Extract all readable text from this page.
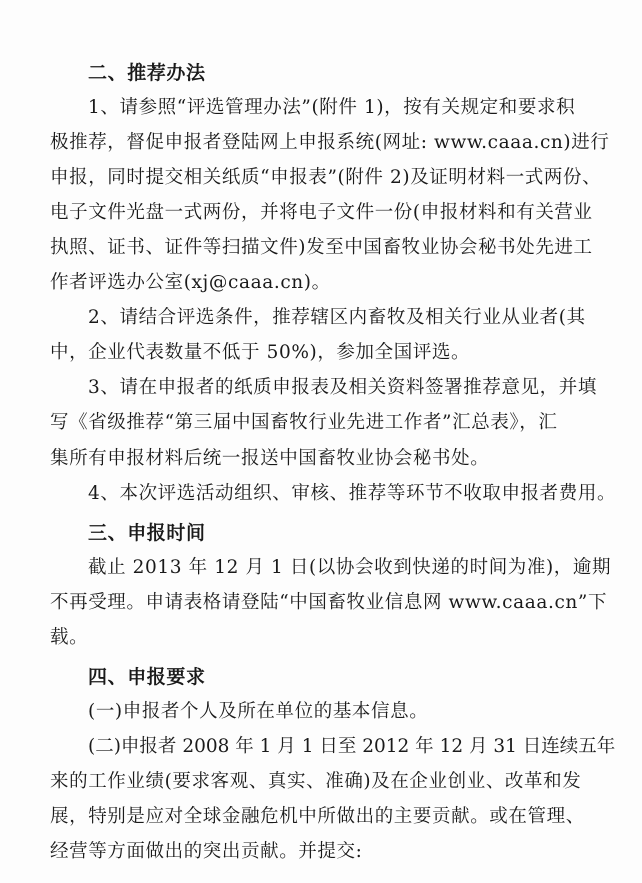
二、推荐办法
1、请参照“评选管理办法”(附件 1)，按有关规定和要求积
极推荐，督促申报者登陆网上申报系统(网址: www.caaa.cn)进行
申报，同时提交相关纸质“申报表”(附件 2)及证明材料一式两份、
电子文件光盘一式两份，并将电子文件一份(申报材料和有关营业
执照、证书、证件等扫描文件)发至中国畜牧业协会秘书处先进工
作者评选办公室(xj@caaa.cn)。
2、请结合评选条件，推荐辖区内畜牧及相关行业从业者(其
中，企业代表数量不低于 50%)，参加全国评选。
3、请在申报者的纸质申报表及相关资料签署推荐意见，并填
写《省级推荐“第三届中国畜牧行业先进工作者”汇总表》，汇
集所有申报材料后统一报送中国畜牧业协会秘书处。
4、本次评选活动组织、审核、推荐等环节不收取申报者费用。
三、申报时间
截止 2013 年 12 月 1 日(以协会收到快递的时间为准)，逾期
不再受理。申请表格请登陆“中国畜牧业信息网 www.caaa.cn”下
载。
四、申报要求
(一)申报者个人及所在单位的基本信息。
(二)申报者 2008 年 1 月 1 日至 2012 年 12 月 31 日连续五年
来的工作业绩(要求客观、真实、准确)及在企业创业、改革和发
展，特别是应对全球金融危机中所做出的主要贡献。或在管理、
经营等方面做出的突出贡献。并提交:
